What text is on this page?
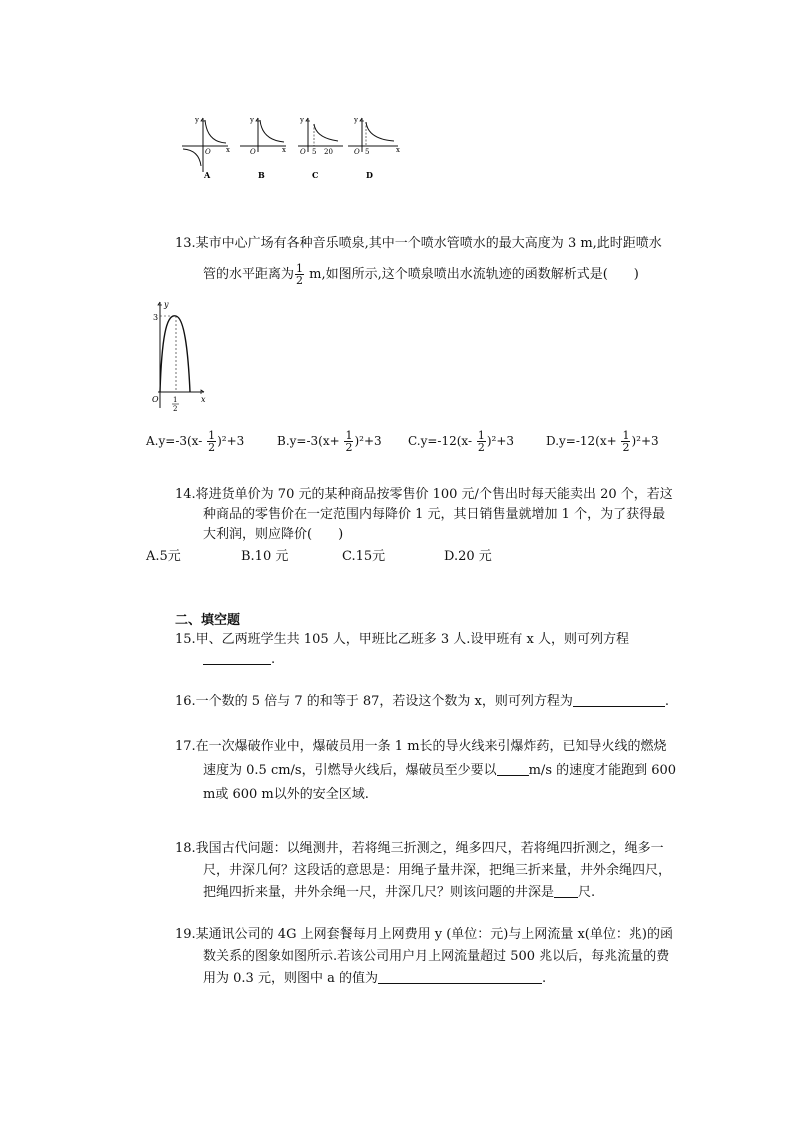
y
x
O
A
y
x
O
B
y
O 5 20
C
y
x
O 5
D
13.某市中心广场有各种音乐喷泉,其中一个喷水管喷水的最大高度为 3 m,此时距喷水
管的水平距离为 $\frac{1}{2} m$,如图所示,这个喷泉喷出水流轨迹的函数解析式是(　　)
y
x
O
3
1
2
$A.y=-3(x- \frac{1}{2} )^2+3$	$B.y=-3(x+ \frac{1}{2} )^2+3$ $C.y=-12(x- \frac{1}{2} )^2+3$	$D.y=-12(x+ \frac{1}{2} )^2+3$
14.将进货单价为 70 元的某种商品按零售价 100 元/个售出时每天能卖出 20 个，若这
种商品的零售价在一定范围内每降价 1 元，其日销售量就增加 1 个，为了获得最
大利润，则应降价(　　)
A.5元	B.10 元	C.15元	D.20 元
二、填空题
15.甲、乙两班学生共 105 人，甲班比乙班多 3 人.设甲班有 x 人，则可列方程
.
16.一个数的 5 倍与 7 的和等于 87，若设这个数为 x，则可列方程为	.
17.在一次爆破作业中，爆破员用一条 1 m长的导火线来引爆炸药，已知导火线的燃烧
速度为 0.5 cm/s，引燃导火线后，爆破员至少要以 m/s 的速度才能跑到 600
m或 600 m以外的安全区域.
18.我国古代问题：以绳测井，若将绳三折测之，绳多四尺，若将绳四折测之，绳多一
尺，井深几何？这段话的意思是：用绳子量井深，把绳三折来量，井外余绳四尺，
把绳四折来量，井外余绳一尺，井深几尺？则该问题的井深是 尺.
19.某通讯公司的 4G 上网套餐每月上网费用 y (单位：元)与上网流量 x(单位：兆)的函
数关系的图象如图所示.若该公司用户月上网流量超过 500 兆以后，每兆流量的费
用为 0.3 元，则图中 a 的值为	.
